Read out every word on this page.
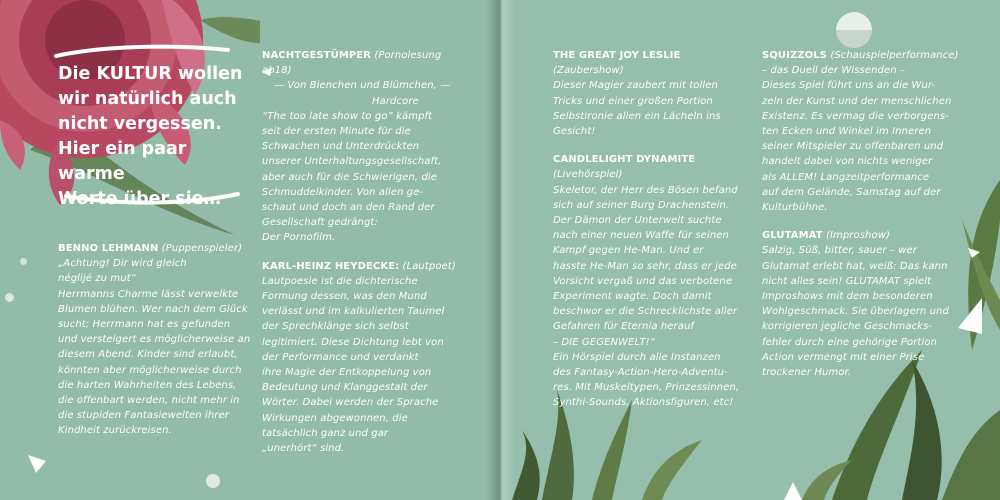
Die KULTUR wollen

wir natürlich auch

nicht vergessen.

Hier ein paar warme

Worte über sie…

BENNO LEHMANN (Puppenspieler)

„Achtung! Dir wird gleich

néglijé zu mut“

Herrmanns Charme lässt verwelkte

Blumen blühen. Wer nach dem Glück

sucht; Herrmann hat es gefunden

und versteigert es möglicherweise an

diesem Abend. Kinder sind erlaubt,

könnten aber möglicherweise durch

die harten Wahrheiten des Lebens,

die offenbart werden, nicht mehr in

die stupiden Fantasiewelten ihrer

Kindheit zurückreisen.

NACHTGESTÜMPER (Pornolesung ab18)

— Von Bienchen und Blümchen, —

Hardcore

“The too late show to go” kämpft

seit der ersten Minute für die

Schwachen und Unterdrückten

unserer Unterhaltungsgesellschaft,

aber auch für die Schwierigen, die

Schmuddelkinder. Von allen ge-

schaut und doch an den Rand der

Gesellschaft gedrängt:

Der Pornofilm.

KARL-HEINZ HEYDECKE: (Lautpoet)

Lautpoesie ist die dichterische

Formung dessen, was den Mund

verlässt und im kalkulierten Taumel

der Sprechklänge sich selbst

legitimiert. Diese Dichtung lebt von

der Performance und verdankt

ihre Magie der Entkoppelung von

Bedeutung und Klanggestalt der

Wörter. Dabei werden der Sprache

Wirkungen abgewonnen, die

tatsächlich ganz und gar

„unerhört“ sind.

THE GREAT JOY LESLIE (Zaubershow)

Dieser Magier zaubert mit tollen

Tricks und einer großen Portion

Selbstironie allen ein Lächeln ins

Gesicht!

CANDLELIGHT DYNAMITE (Livehörspiel)

Skeletor, der Herr des Bösen befand

sich auf seiner Burg Drachenstein.

Der Dämon der Unterwelt suchte

nach einer neuen Waffe für seinen

Kampf gegen He-Man. Und er

hasste He-Man so sehr, dass er jede

Vorsicht vergaß und das verbotene

Experiment wagte. Doch damit

beschwor er die Schrecklichste aller

Gefahren für Eternia herauf

– DIE GEGENWELT!“

Ein Hörspiel durch alle Instanzen

des Fantasy-Action-Hero-Adventu-

res. Mit Muskeltypen, Prinzessinnen,

Synthi-Sounds, Aktionsfiguren, etc!

SQUIZZOLS (Schauspielperformance)

– das Duell der Wissenden –

Dieses Spiel führt uns an die Wur-

zeln der Kunst und der menschlichen

Existenz. Es vermag die verborgens-

ten Ecken und Winkel im Inneren

seiner Mitspieler zu offenbaren und

handelt dabei von nichts weniger

als ALLEM! Langzeitperformance

auf dem Gelände, Samstag auf der

Kulturbühne.

GLUTAMAT (Improshow)

Salzig, Süß, bitter, sauer – wer

Glutamat erlebt hat, weiß: Das kann

nicht alles sein! GLUTAMAT spielt

Improshows mit dem besonderen

Wohlgeschmack. Sie überlagern und

korrigieren jegliche Geschmacks-

fehler durch eine gehörige Portion

Action vermengt mit einer Prise

trockener Humor.
